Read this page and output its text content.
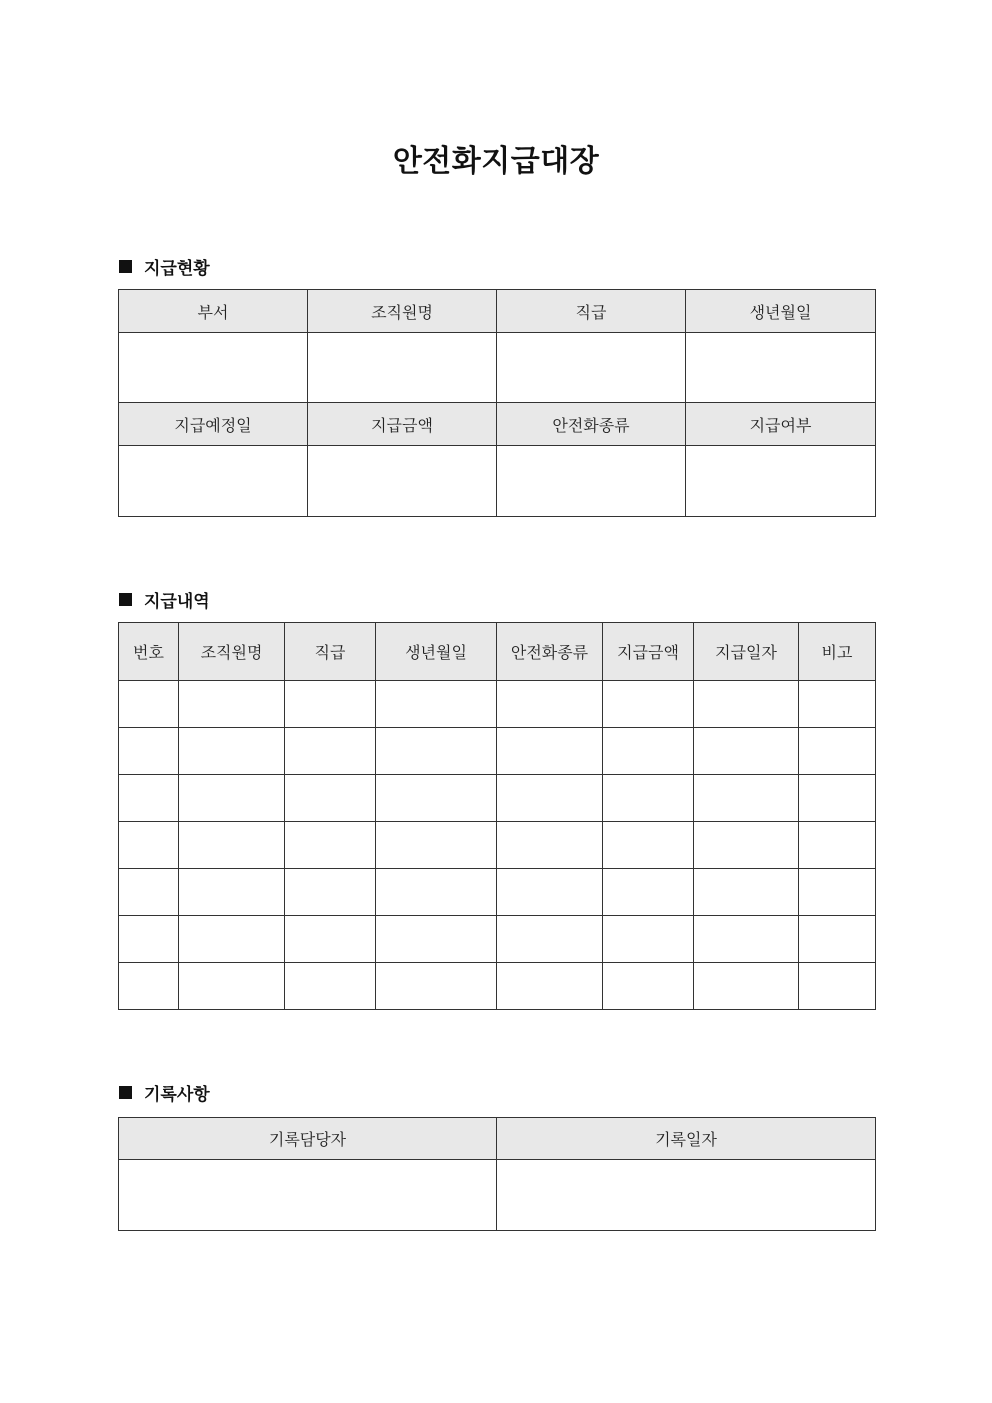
안전화지급대장
지급현황
부서	조직원명	직급	생년월일

지급예정일	지급금액	안전화종류	지급여부

지급내역
번호	조직원명	직급	생년월일	안전화종류	지급금액	지급일자	비고

기록사항
기록담당자	기록일자
